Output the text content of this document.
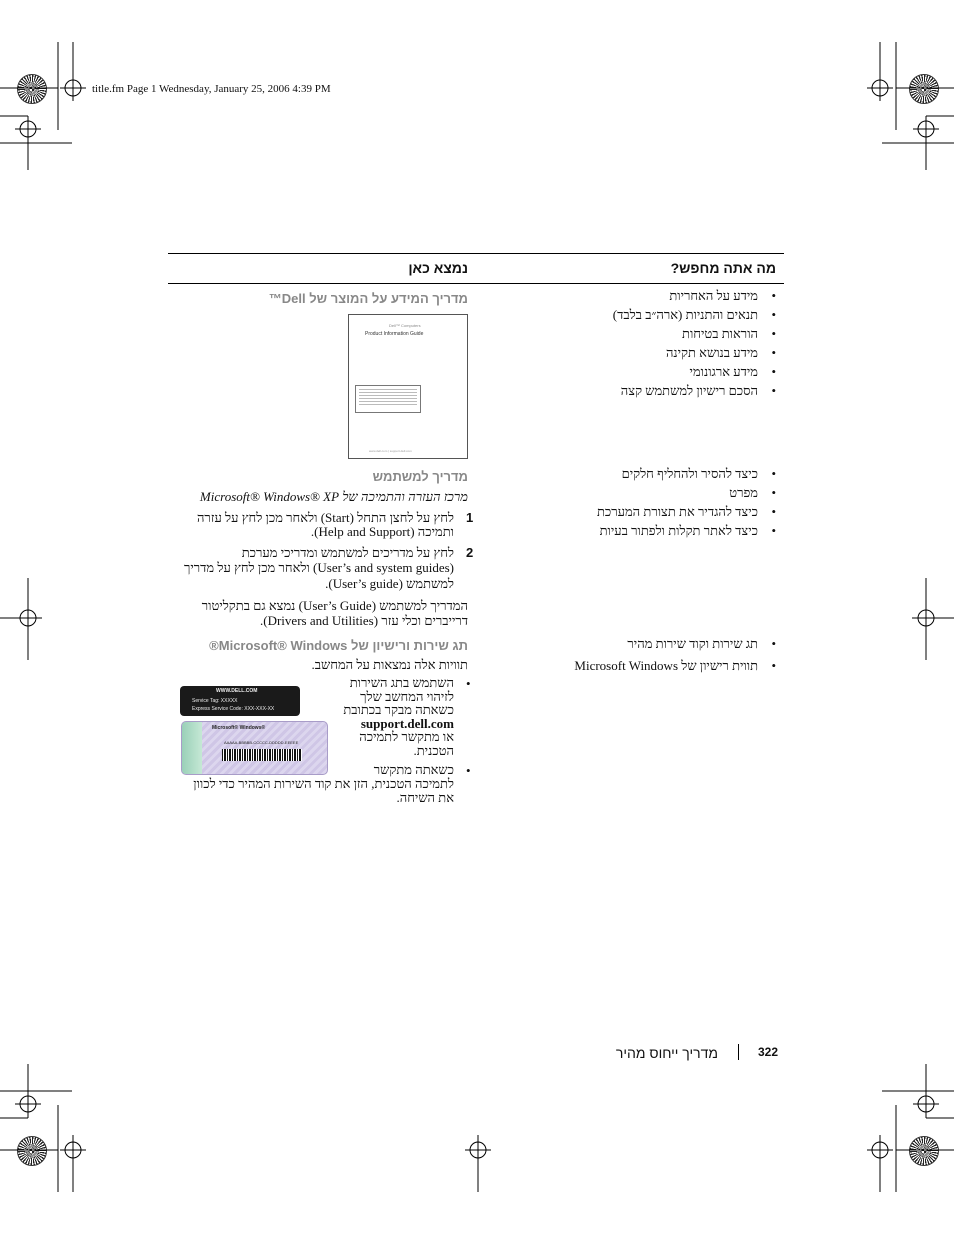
title.fm Page 1 Wednesday, January 25, 2006 4:39 PM
מה אתה מחפש?
נמצא כאן
• מידע על האחריות
• תנאים והתניות (ארה״ב בלבד)
• הוראות בטיחות
• מידע בנושא תקינה
• מידע ארגונומי
• הסכם רישיון למשתמש קצה
מדריך המידע על המוצר של Dell™
Dell™ Computers
Product Information Guide
www.dell.com | support.dell.com
• כיצד להסיר ולהחליף חלקים
• מפרט
• כיצד להגדיר את תצורת המערכת
• כיצד לאתר תקלות ולפתור בעיות
מדריך למשתמש
מרכז העזרה והתמיכה של Microsoft® Windows® XP
1
לחץ על לחצן התחל (Start) ולאחר מכן לחץ על עזרה
ותמיכה (Help and Support).
2
לחץ על מדריכים למשתמש ומדריכי מערכת
(User’s and system guides) ולאחר מכן לחץ על מדריך
למשתמש (User’s guide).
המדריך למשתמש (User’s Guide) נמצא גם בתקליטור
דרייברים וכלי עזר (Drivers and Utilities).
• תג שירות וקוד שירות מהיר
• תווית רישיון של Microsoft Windows
תג שירות ורישיון של Microsoft® Windows®
תוויות אלה נמצאות על המחשב.
•
השתמש בתג השירות
לזיהוי המחשב שלך
כשאתה מבקר בכתובת
support.dell.com
או מתקשר לתמיכה
הטכנית.
•
כשאתה מתקשר
לתמיכה הטכנית, הזן את קוד השירות המהיר כדי לכוון
את השיחה.
WWW.DELL.COM
Service Tag: XXXXX
Express Service Code: XXX-XXX-XX
Microsoft® Windows®
AAAAA-BBBBB-CCCCC-DDDDD-EEEEE
מדריך ייחוס מהיר	322
